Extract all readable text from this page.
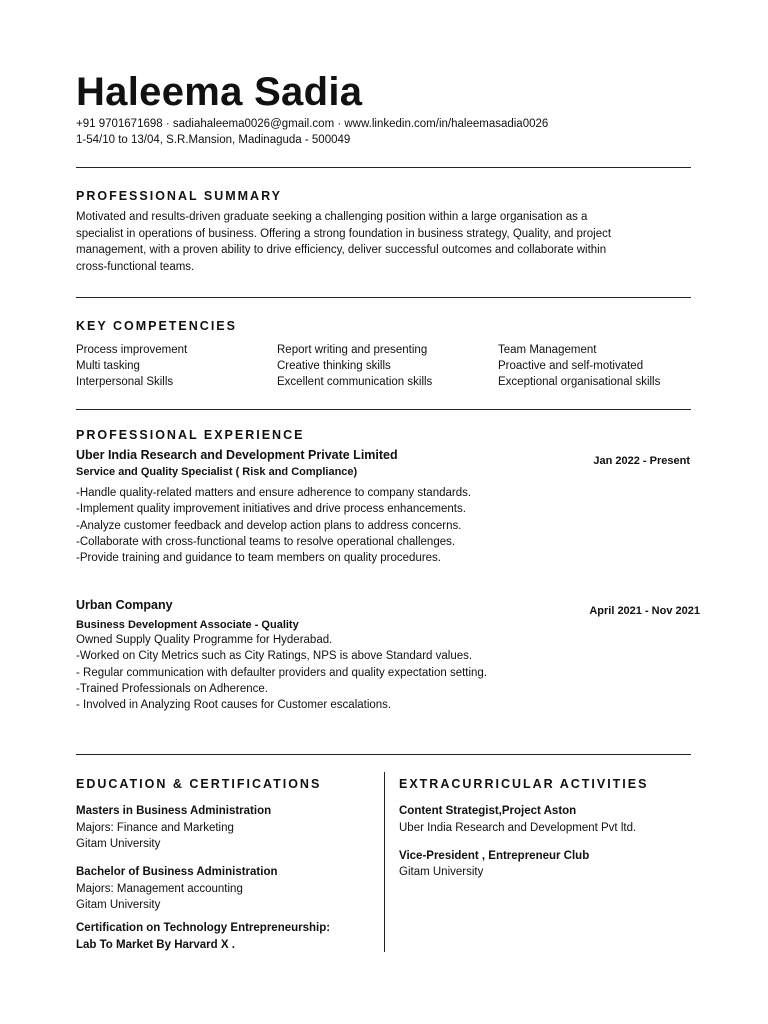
Haleema Sadia
+91 9701671698 · sadiahaleema0026@gmail.com · www.linkedin.com/in/haleemasadia0026
1-54/10 to 13/04, S.R.Mansion, Madinaguda - 500049
PROFESSIONAL SUMMARY
Motivated and results-driven graduate seeking a challenging position within a large organisation as a
specialist in operations of business. Offering a strong foundation in business strategy, Quality, and project
management, with a proven ability to drive efficiency, deliver successful outcomes and collaborate within
cross-functional teams.
KEY COMPETENCIES
Process improvement
Multi tasking
Interpersonal Skills
Report writing and presenting
Creative thinking skills
Excellent communication skills
Team Management
Proactive and self-motivated
Exceptional organisational skills
PROFESSIONAL EXPERIENCE
Uber India Research and Development Private Limited
Service and Quality Specialist ( Risk and Compliance)
Jan 2022 - Present
-Handle quality-related matters and ensure adherence to company standards.
-Implement quality improvement initiatives and drive process enhancements.
-Analyze customer feedback and develop action plans to address concerns.
-Collaborate with cross-functional teams to resolve operational challenges.
-Provide training and guidance to team members on quality procedures.
Urban Company
Business Development Associate - Quality
April 2021 - Nov 2021
Owned Supply Quality Programme for Hyderabad.
-Worked on City Metrics such as City Ratings, NPS is above Standard values.
- Regular communication with defaulter providers and quality expectation setting.
-Trained Professionals on Adherence.
- Involved in Analyzing Root causes for Customer escalations.
EDUCATION & CERTIFICATIONS
Masters in Business Administration
Majors: Finance and Marketing
Gitam University
Bachelor of Business Administration
Majors: Management accounting
Gitam University
Certification on Technology Entrepreneurship:
Lab To Market By Harvard X .
EXTRACURRICULAR ACTIVITIES
Content Strategist,Project Aston
Uber India Research and Development Pvt ltd.
Vice-President , Entrepreneur Club
Gitam University
